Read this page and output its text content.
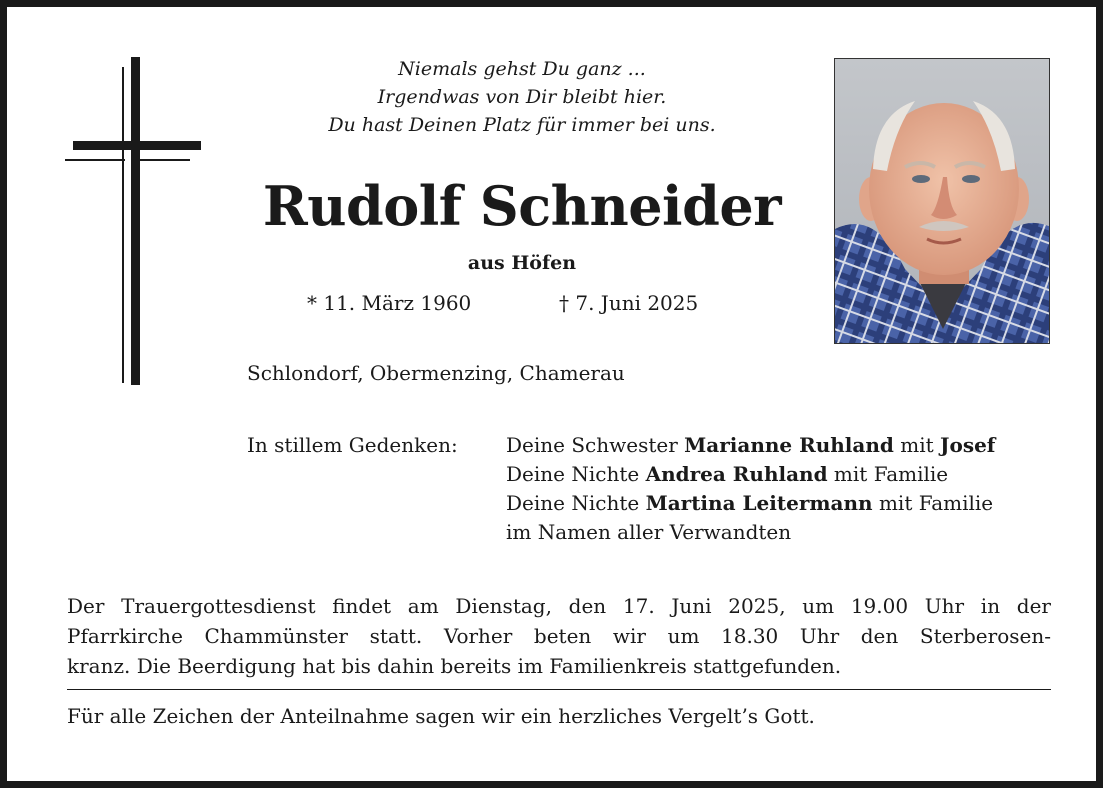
Niemals gehst Du ganz ...
Irgendwas von Dir bleibt hier.
Du hast Deinen Platz für immer bei uns.
Rudolf Schneider
aus Höfen
* 11. März 1960	† 7. Juni 2025
Schlondorf, Obermenzing, Chamerau
In stillem Gedenken: Deine Schwester Marianne Ruhland mit Josef
Deine Nichte Andrea Ruhland mit Familie
Deine Nichte Martina Leitermann mit Familie
im Namen aller Verwandten
Der Trauergottesdienst findet am Dienstag, den 17. Juni 2025, um 19.00 Uhr in der
Pfarrkirche Chammünster statt. Vorher beten wir um 18.30 Uhr den Sterberosen-
kranz. Die Beerdigung hat bis dahin bereits im Familienkreis stattgefunden.
Für alle Zeichen der Anteilnahme sagen wir ein herzliches Vergelt’s Gott.
